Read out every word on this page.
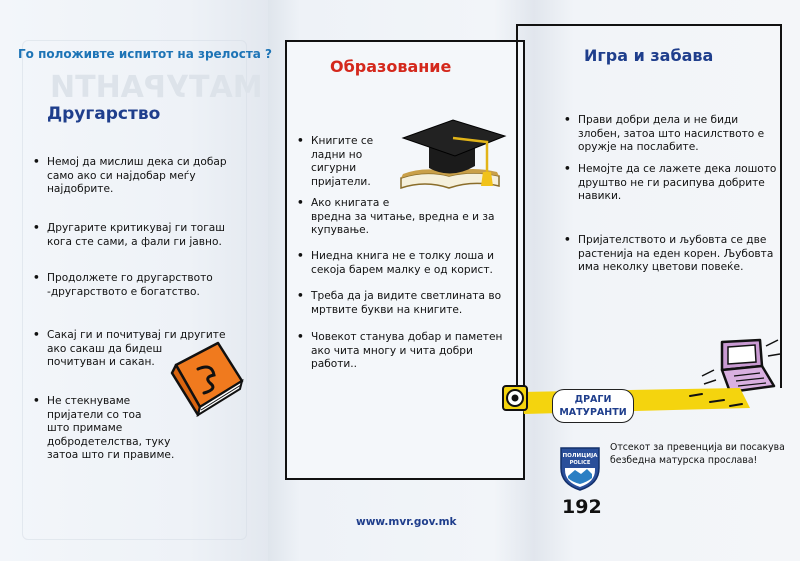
МАТУРАНТИ
Го положивте испитот на зрелоста ?
Другарство
• Немој да мислиш дека си добар
само ако си најдобар меѓу
најдобрите.
• Другарите критикувај ги тогаш
кога сте сами, а фали ги јавно.
• Продолжете го другарството
-другарството е богатство.
• Сакај ги и почитувај ги другите
ако сакаш да бидеш
почитуван и сакан.
• Не стекнуваме
пријатели со тоа
што примаме
добродетелства, туку
затоа што ги правиме.
Образование
• Книгите се
ладни но
сигурни
пријатели.
• Ако книгата е
вредна за читање, вредна е и за
купување.
• Ниедна книга не е толку лоша и
секоја барем малку е од корист.
• Треба да ја видите светлината во
мртвите букви на книгите.
• Човекот станува добар и паметен
ако чита многу и чита добри
работи..
www.mvr.gov.mk
Игра и забава
• Прави добри дела и не биди
злобен, затоа што насилството е
оружје на послабите.
• Немојте да се лажете дека лошото
друштво не ги расипува добрите
навики.
• Пријателството и љубовта се две
растенија на еден корен. Љубовта
има неколку цветови повеќе.
ДРАГИ
МАТУРАНТИ
ПОЛИЦИЈА
POLICE
Отсекот за превенција ви посакува
безбедна матурска прослава!
192
